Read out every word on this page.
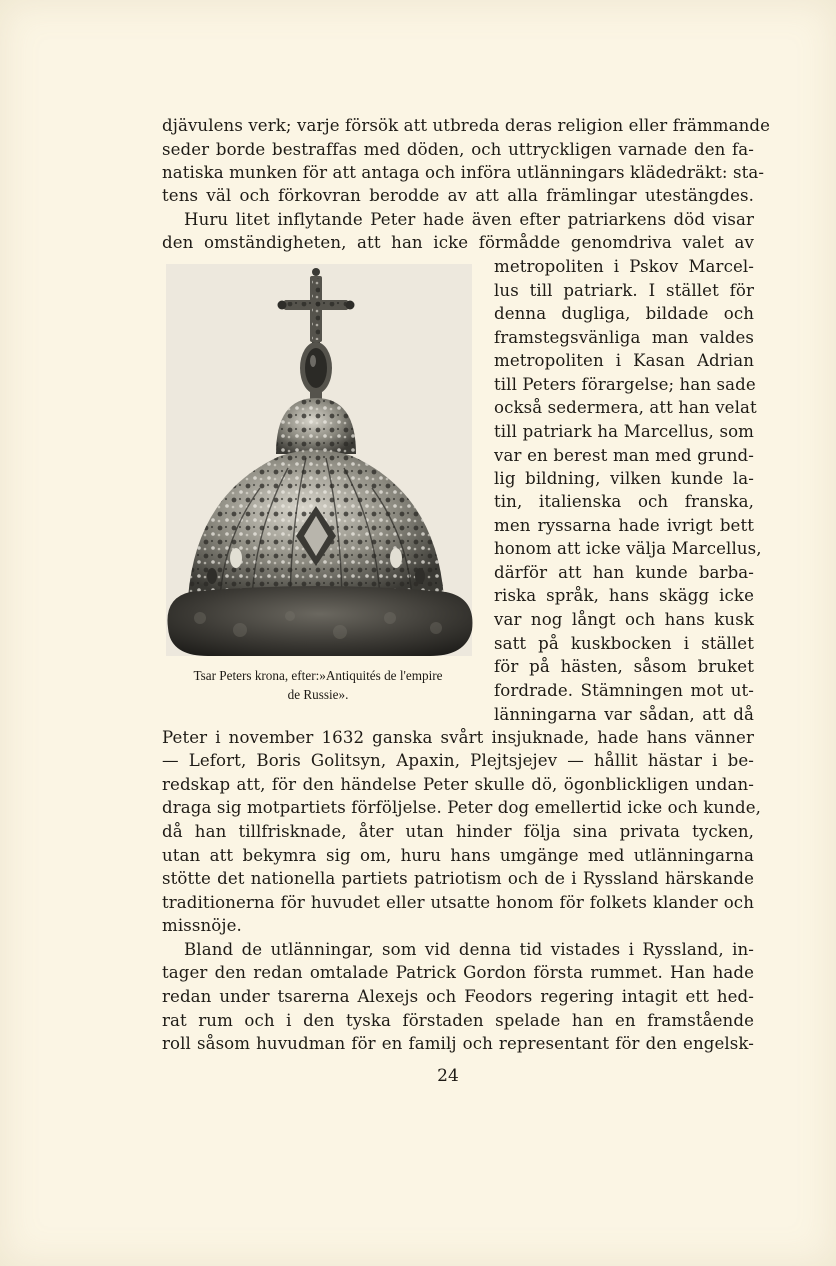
djävulens verk; varje försök att utbreda deras religion eller främmande
seder borde bestraffas med döden, och uttryckligen varnade den fa-
natiska munken för att antaga och införa utlänningars klädedräkt: sta-
tens väl och förkovran berodde av att alla främlingar utestängdes.
Huru litet inflytande Peter hade även efter patriarkens död visar
den omständigheten, att han icke förmådde genomdriva valet av
metropoliten i Pskov Marcel-
lus till patriark. I stället för
denna dugliga, bildade och
framstegsvänliga man valdes
metropoliten i Kasan Adrian
till Peters förargelse; han sade
också sedermera, att han velat
till patriark ha Marcellus, som
var en berest man med grund-
lig bildning, vilken kunde la-
tin, italienska och franska,
men ryssarna hade ivrigt bett
honom att icke välja Marcellus,
därför att han kunde barba-
riska språk, hans skägg icke
var nog långt och hans kusk
satt på kuskbocken i stället
för på hästen, såsom bruket
fordrade. Stämningen mot ut-
länningarna var sådan, att då
Tsar Peters krona, efter:»Antiquités de l'empire
de Russie».
Peter i november 1632 ganska svårt insjuknade, hade hans vänner
— Lefort, Boris Golitsyn, Apaxin, Plejtsjejev — hållit hästar i be-
redskap att, för den händelse Peter skulle dö, ögonblickligen undan-
draga sig motpartiets förföljelse. Peter dog emellertid icke och kunde,
då han tillfrisknade, åter utan hinder följa sina privata tycken,
utan att bekymra sig om, huru hans umgänge med utlänningarna
stötte det nationella partiets patriotism och de i Ryssland härskande
traditionerna för huvudet eller utsatte honom för folkets klander och
missnöje.
Bland de utlänningar, som vid denna tid vistades i Ryssland, in-
tager den redan omtalade Patrick Gordon första rummet. Han hade
redan under tsarerna Alexejs och Feodors regering intagit ett hed-
rat rum och i den tyska förstaden spelade han en framstående
roll såsom huvudman för en familj och representant för den engelsk-
24
